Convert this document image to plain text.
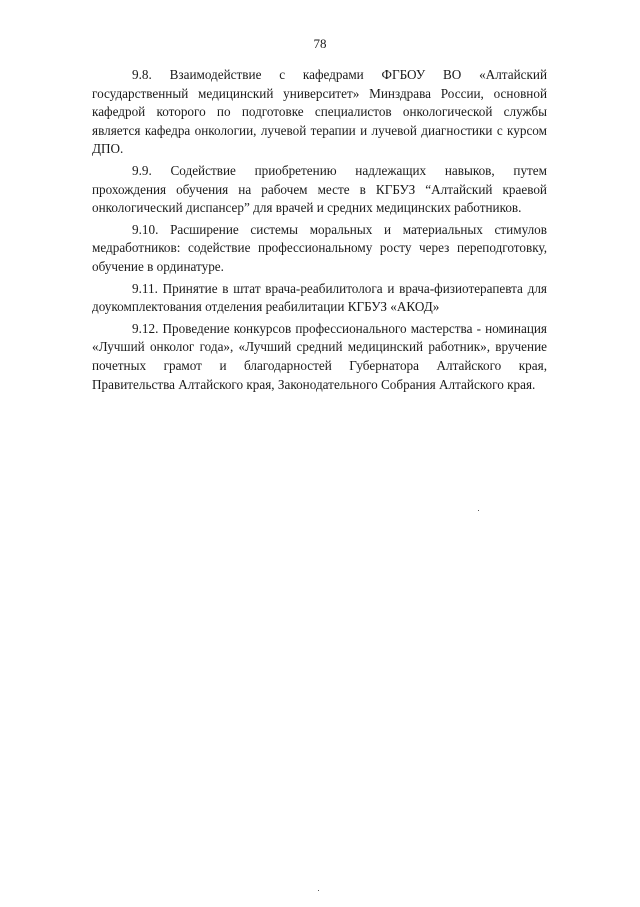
78

9.8. Взаимодействие с кафедрами ФГБОУ ВО «Алтайский государственный медицинский университет» Минздрава России, основной кафедрой которого по подготовке специалистов онкологической службы является кафедра онкологии, лучевой терапии и лучевой диагностики с курсом ДПО.

9.9. Содействие приобретению надлежащих навыков, путем прохождения обучения на рабочем месте в КГБУЗ “Алтайский краевой онкологический диспансер” для врачей и средних медицинских работников.

9.10. Расширение системы моральных и материальных стимулов медработников: содействие профессиональному росту через переподготовку, обучение в ординатуре.

9.11. Принятие в штат врача-реабилитолога и врача-физиотерапевта для доукомплектования отделения реабилитации КГБУЗ «АКОД»

9.12. Проведение конкурсов профессионального мастерства - номинация «Лучший онколог года», «Лучший средний медицинский работник», вручение почетных грамот и благодарностей Губернатора Алтайского края, Правительства Алтайского края, Законодательного Собрания Алтайского края.
